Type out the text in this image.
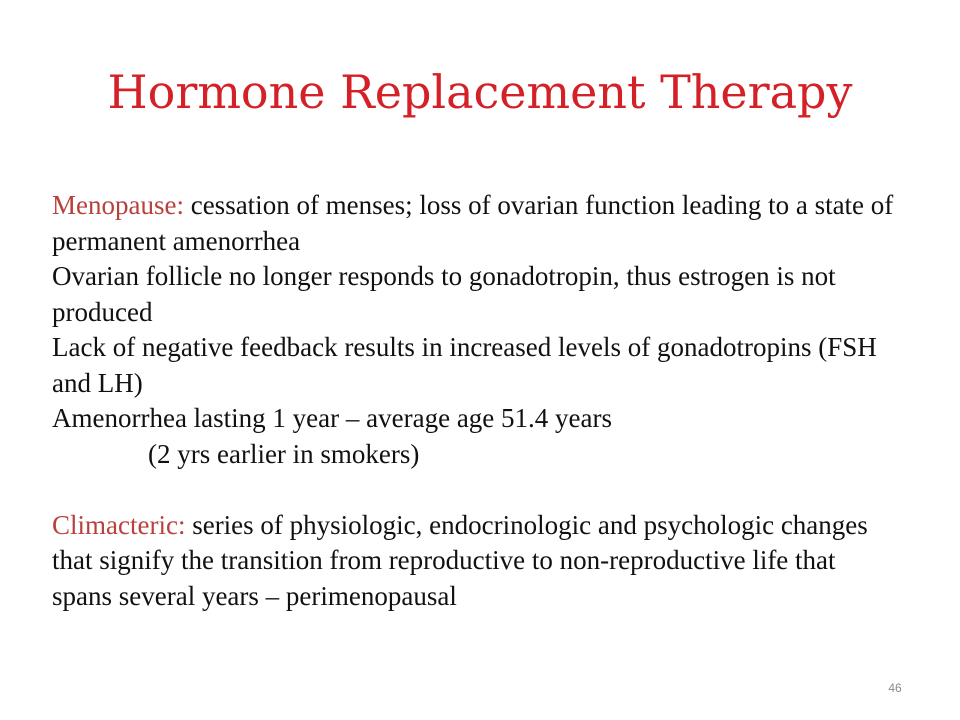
Hormone Replacement Therapy

Menopause: cessation of menses; loss of ovarian function leading to a state of permanent amenorrhea

Ovarian follicle no longer responds to gonadotropin, thus estrogen is not produced

Lack of negative feedback results in increased levels of gonadotropins (FSH and LH)

Amenorrhea lasting 1 year – average age 51.4 years

(2 yrs earlier in smokers)

Climacteric: series of physiologic, endocrinologic and psychologic changes that signify the transition from reproductive to non-reproductive life that spans several years – perimenopausal

46
